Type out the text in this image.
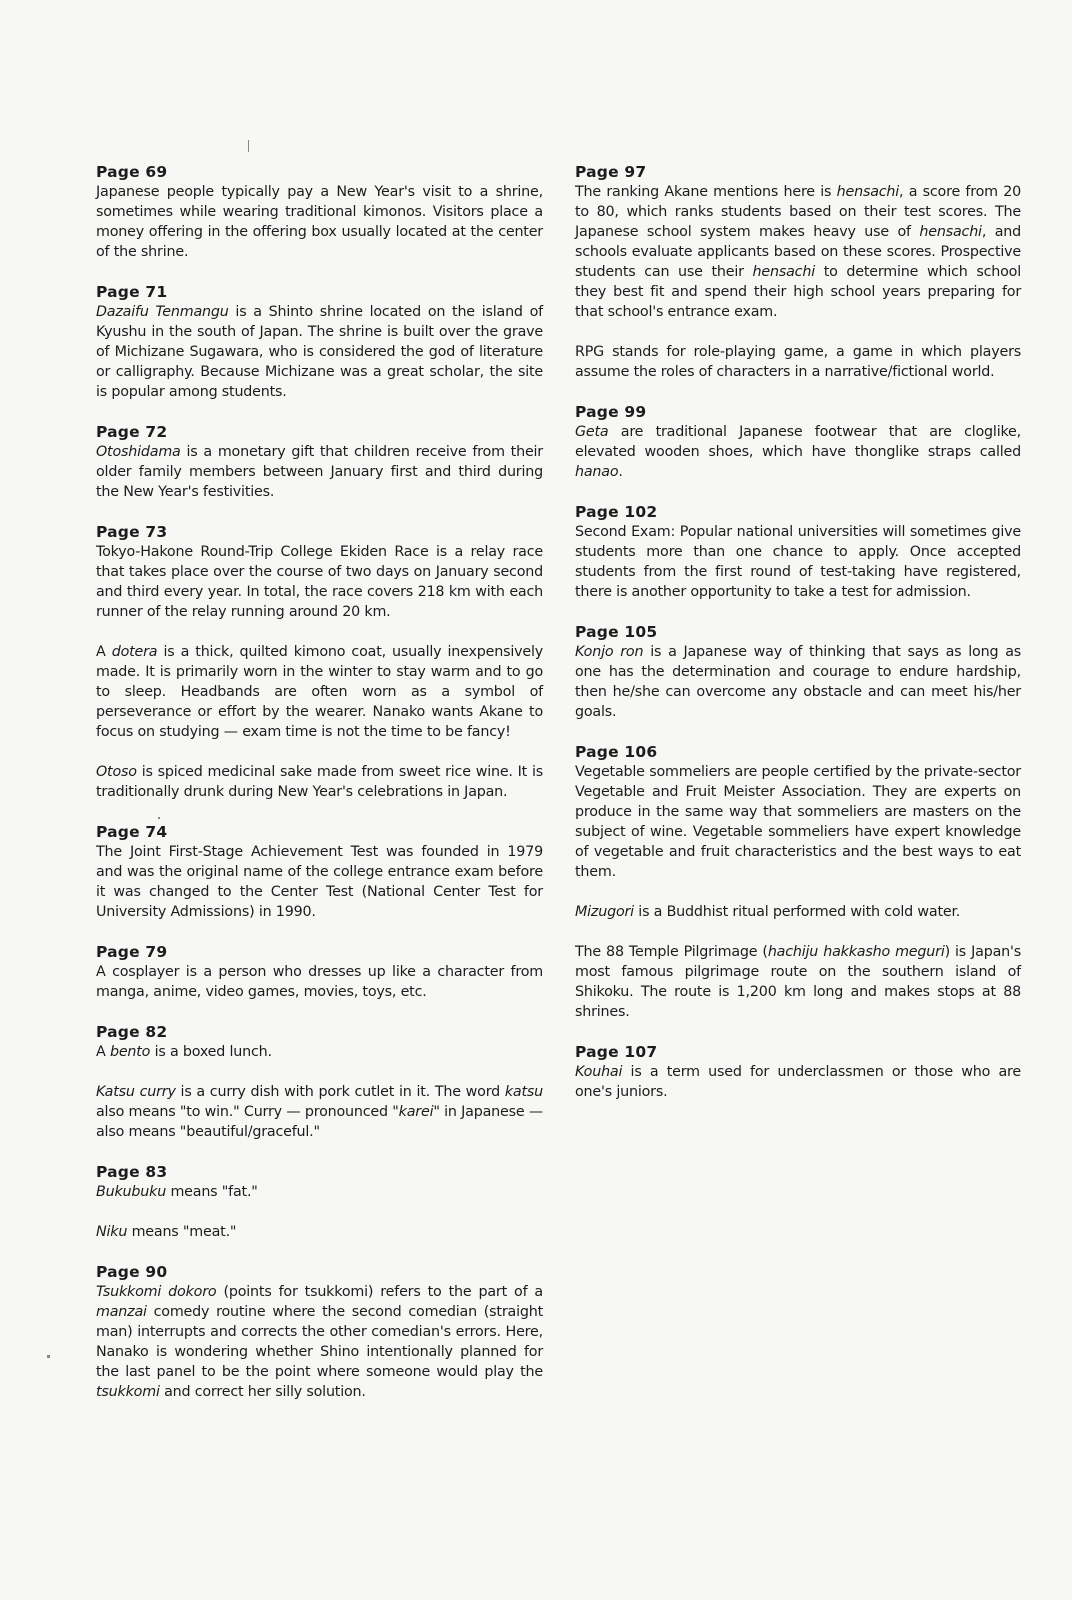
Page 69

Japanese people typically pay a New Year's visit to a shrine, sometimes while wearing traditional kimonos. Visitors place a money offering in the offering box usually located at the center of the shrine.

Page 71

Dazaifu Tenmangu is a Shinto shrine located on the island of Kyushu in the south of Japan. The shrine is built over the grave of Michizane Sugawara, who is considered the god of literature or calligraphy. Because Michizane was a great scholar, the site is popular among students.

Page 72

Otoshidama is a monetary gift that children receive from their older family members between January first and third during the New Year's festivities.

Page 73

Tokyo-Hakone Round-Trip College Ekiden Race is a relay race that takes place over the course of two days on January second and third every year. In total, the race covers 218 km with each runner of the relay running around 20 km.

A dotera is a thick, quilted kimono coat, usually inexpensively made. It is primarily worn in the winter to stay warm and to go to sleep. Headbands are often worn as a symbol of perseverance or effort by the wearer. Nanako wants Akane to focus on studying — exam time is not the time to be fancy!

Otoso is spiced medicinal sake made from sweet rice wine. It is traditionally drunk during New Year's celebrations in Japan.

Page 74

The Joint First-Stage Achievement Test was founded in 1979 and was the original name of the college entrance exam before it was changed to the Center Test (National Center Test for University Admissions) in 1990.

Page 79

A cosplayer is a person who dresses up like a character from manga, anime, video games, movies, toys, etc.

Page 82

A bento is a boxed lunch.

Katsu curry is a curry dish with pork cutlet in it. The word katsu also means "to win." Curry — pronounced "karei" in Japanese — also means "beautiful/graceful."

Page 83

Bukubuku means "fat."

Niku means "meat."

Page 90

Tsukkomi dokoro (points for tsukkomi) refers to the part of a manzai comedy routine where the second comedian (straight man) interrupts and corrects the other comedian's errors. Here, Nanako is wondering whether Shino intentionally planned for the last panel to be the point where someone would play the tsukkomi and correct her silly solution.

Page 97

The ranking Akane mentions here is hensachi, a score from 20 to 80, which ranks students based on their test scores. The Japanese school system makes heavy use of hensachi, and schools evaluate applicants based on these scores. Prospective students can use their hensachi to determine which school they best fit and spend their high school years preparing for that school's entrance exam.

RPG stands for role-playing game, a game in which players assume the roles of characters in a narrative/fictional world.

Page 99

Geta are traditional Japanese footwear that are cloglike, elevated wooden shoes, which have thonglike straps called hanao.

Page 102

Second Exam: Popular national universities will sometimes give students more than one chance to apply. Once accepted students from the first round of test-taking have registered, there is another opportunity to take a test for admission.

Page 105

Konjo ron is a Japanese way of thinking that says as long as one has the determination and courage to endure hardship, then he/she can overcome any obstacle and can meet his/her goals.

Page 106

Vegetable sommeliers are people certified by the private-sector Vegetable and Fruit Meister Association. They are experts on produce in the same way that sommeliers are masters on the subject of wine. Vegetable sommeliers have expert knowledge of vegetable and fruit characteristics and the best ways to eat them.

Mizugori is a Buddhist ritual performed with cold water.

The 88 Temple Pilgrimage (hachiju hakkasho meguri) is Japan's most famous pilgrimage route on the southern island of Shikoku. The route is 1,200 km long and makes stops at 88 shrines.

Page 107

Kouhai is a term used for underclassmen or those who are one's juniors.
